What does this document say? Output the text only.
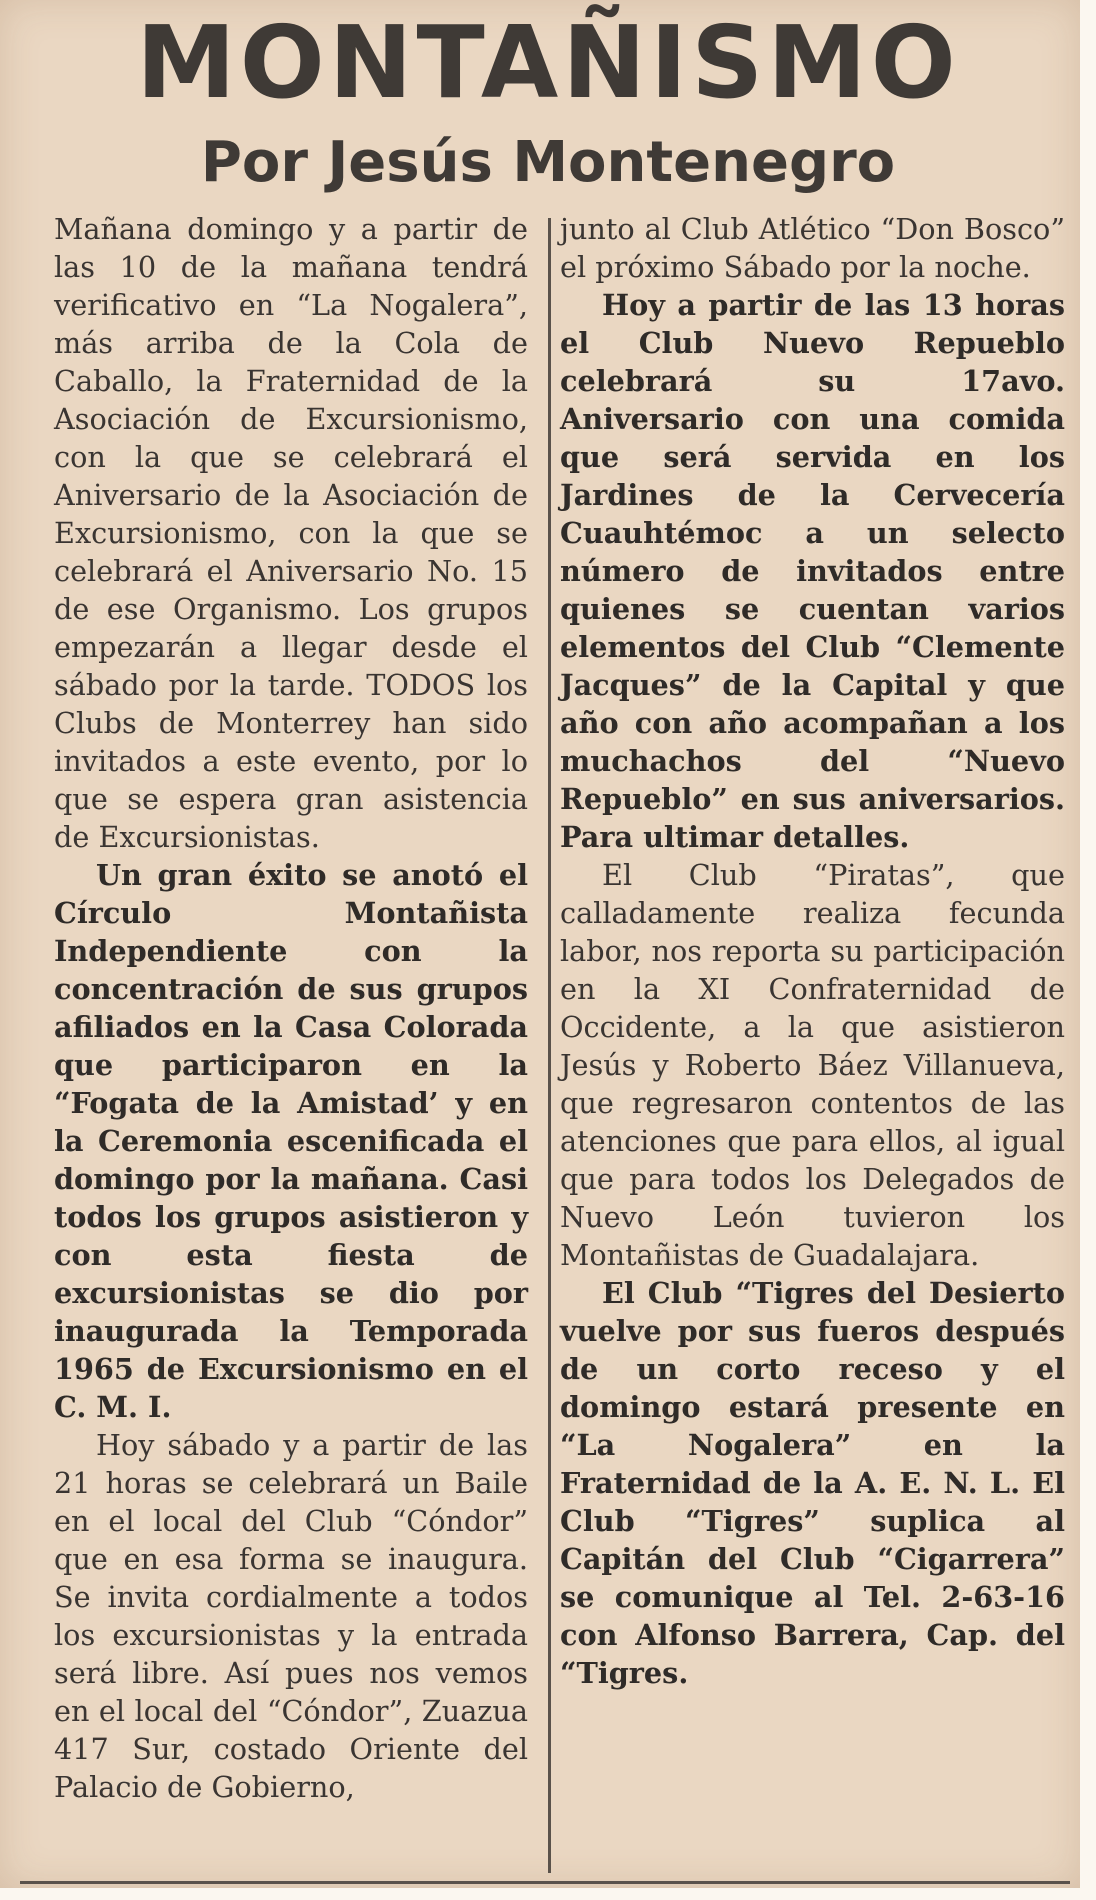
MONTAÑISMO
Por Jesús Montenegro

Mañana domingo y a partir de las 10 de la mañana tendrá verificativo en “La Nogalera”, más arriba de la Cola de Caballo, la Fraternidad de la Asociación de Excursionismo, con la que se celebrará el Aniversario de la Asociación de Excursionismo, con la que se celebrará el Aniversario No. 15 de ese Organismo. Los grupos empezarán a llegar desde el sábado por la tarde. TODOS los Clubs de Monterrey han sido invitados a este evento, por lo que se espera gran asistencia de Excursionistas.

Un gran éxito se anotó el Círculo Montañista Independiente con la concentración de sus grupos afiliados en la Casa Colorada que participaron en la “Fogata de la Amistad’ y en la Ceremonia escenificada el domingo por la mañana. Casi todos los grupos asistieron y con esta fiesta de excursionistas se dio por inaugurada la Temporada 1965 de Excursionismo en el C. M. I.

Hoy sábado y a partir de las 21 horas se celebrará un Baile en el local del Club “Cóndor” que en esa forma se inaugura. Se invita cordialmente a todos los excursionistas y la entrada será libre. Así pues nos vemos en el local del “Cóndor”, Zuazua 417 Sur, costado Oriente del Palacio de Gobierno,

junto al Club Atlético “Don Bosco” el próximo Sábado por la noche.

Hoy a partir de las 13 horas el Club Nuevo Repueblo celebrará su 17avo. Aniversario con una comida que será servida en los Jardines de la Cervecería Cuauhtémoc a un selecto número de invitados entre quienes se cuentan varios elementos del Club “Clemente Jacques” de la Capital y que año con año acompañan a los muchachos del “Nuevo Repueblo” en sus aniversarios. Para ultimar detalles.

El Club “Piratas”, que calladamente realiza fecunda labor, nos reporta su participación en la XI Confraternidad de Occidente, a la que asistieron Jesús y Roberto Báez Villanueva, que regresaron contentos de las atenciones que para ellos, al igual que para todos los Delegados de Nuevo León tuvieron los Montañistas de Guadalajara.

El Club “Tigres del Desierto vuelve por sus fueros después de un corto receso y el domingo estará presente en “La Nogalera” en la Fraternidad de la A. E. N. L. El Club “Tigres” suplica al Capitán del Club “Cigarrera” se comunique al Tel. 2-63-16 con Alfonso Barrera, Cap. del “Tigres.
